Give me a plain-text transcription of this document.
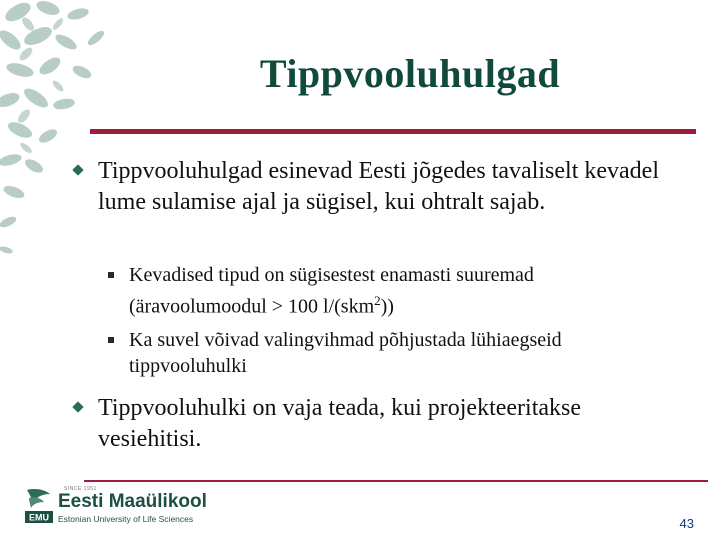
Tippvooluhulgad
Tippvooluhulgad esinevad Eesti jõgedes tavaliselt kevadel lume sulamise ajal ja sügisel, kui ohtralt sajab.
Kevadised tipud on sügisestest enamasti suuremad (äravoolumoodul > 100 l/(skm$^2$))
Ka suvel võivad valingvihmad põhjustada lühiaegseid tippvooluhulki
Tippvooluhulki on vaja teada, kui projekteeritakse vesiehitisi.
EMU
SINCE 1951
Eesti Maaülikool
Estonian University of Life Sciences	43
